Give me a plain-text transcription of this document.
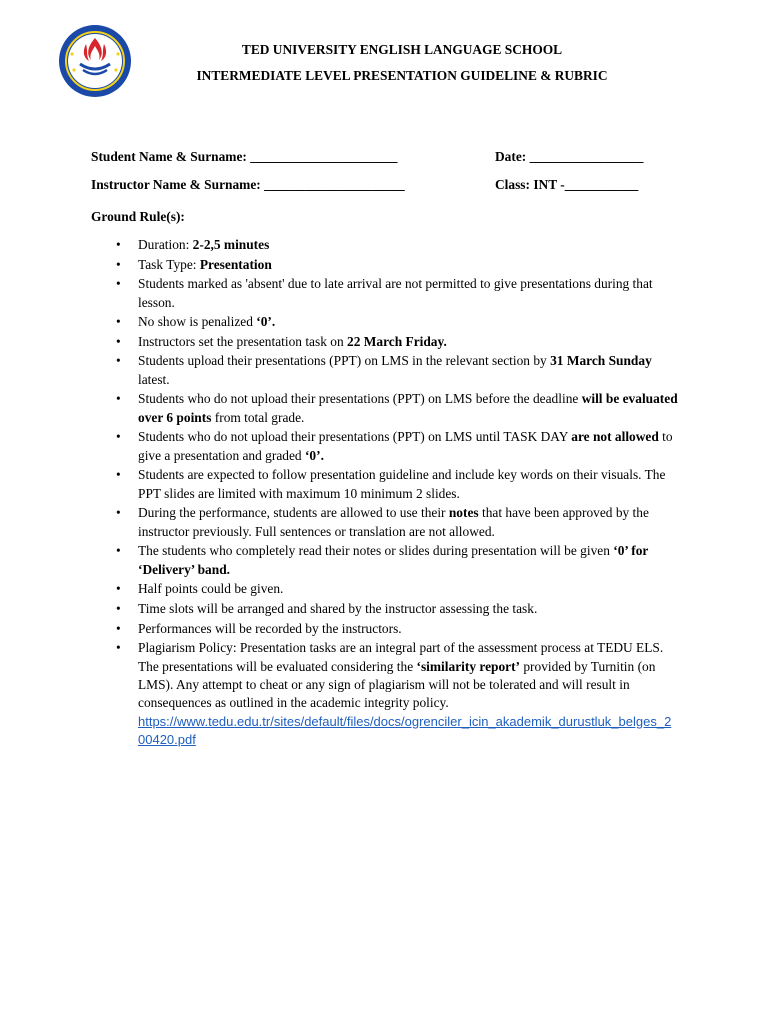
TED UNIVERSITY ENGLISH LANGUAGE SCHOOL
INTERMEDIATE LEVEL PRESENTATION GUIDELINE & RUBRIC
Student Name & Surname: ______________________	Date: _________________
Instructor Name & Surname: _____________________	Class: INT -___________
Ground Rule(s):
• Duration: 2-2,5 minutes
• Task Type: Presentation
• Students marked as 'absent' due to late arrival are not permitted to give presentations during that lesson.
• No show is penalized ‘0’.
• Instructors set the presentation task on 22 March Friday.
• Students upload their presentations (PPT) on LMS in the relevant section by 31 March Sunday latest.
• Students who do not upload their presentations (PPT) on LMS before the deadline will be evaluated over 6 points from total grade.
• Students who do not upload their presentations (PPT) on LMS until TASK DAY are not allowed to give a presentation and graded ‘0’.
• Students are expected to follow presentation guideline and include key words on their visuals. The PPT slides are limited with maximum 10 minimum 2 slides.
• During the performance, students are allowed to use their notes that have been approved by the instructor previously. Full sentences or translation are not allowed.
• The students who completely read their notes or slides during presentation will be given ‘0’ for ‘Delivery’ band.
• Half points could be given.
• Time slots will be arranged and shared by the instructor assessing the task.
• Performances will be recorded by the instructors.
• Plagiarism Policy: Presentation tasks are an integral part of the assessment process at TEDU ELS. The presentations will be evaluated considering the ‘similarity report’ provided by Turnitin (on LMS). Any attempt to cheat or any sign of plagiarism will not be tolerated and will result in consequences as outlined in the academic integrity policy.
https://www.tedu.edu.tr/sites/default/files/docs/ogrenciler_icin_akademik_durustluk_belges_200420.pdf
